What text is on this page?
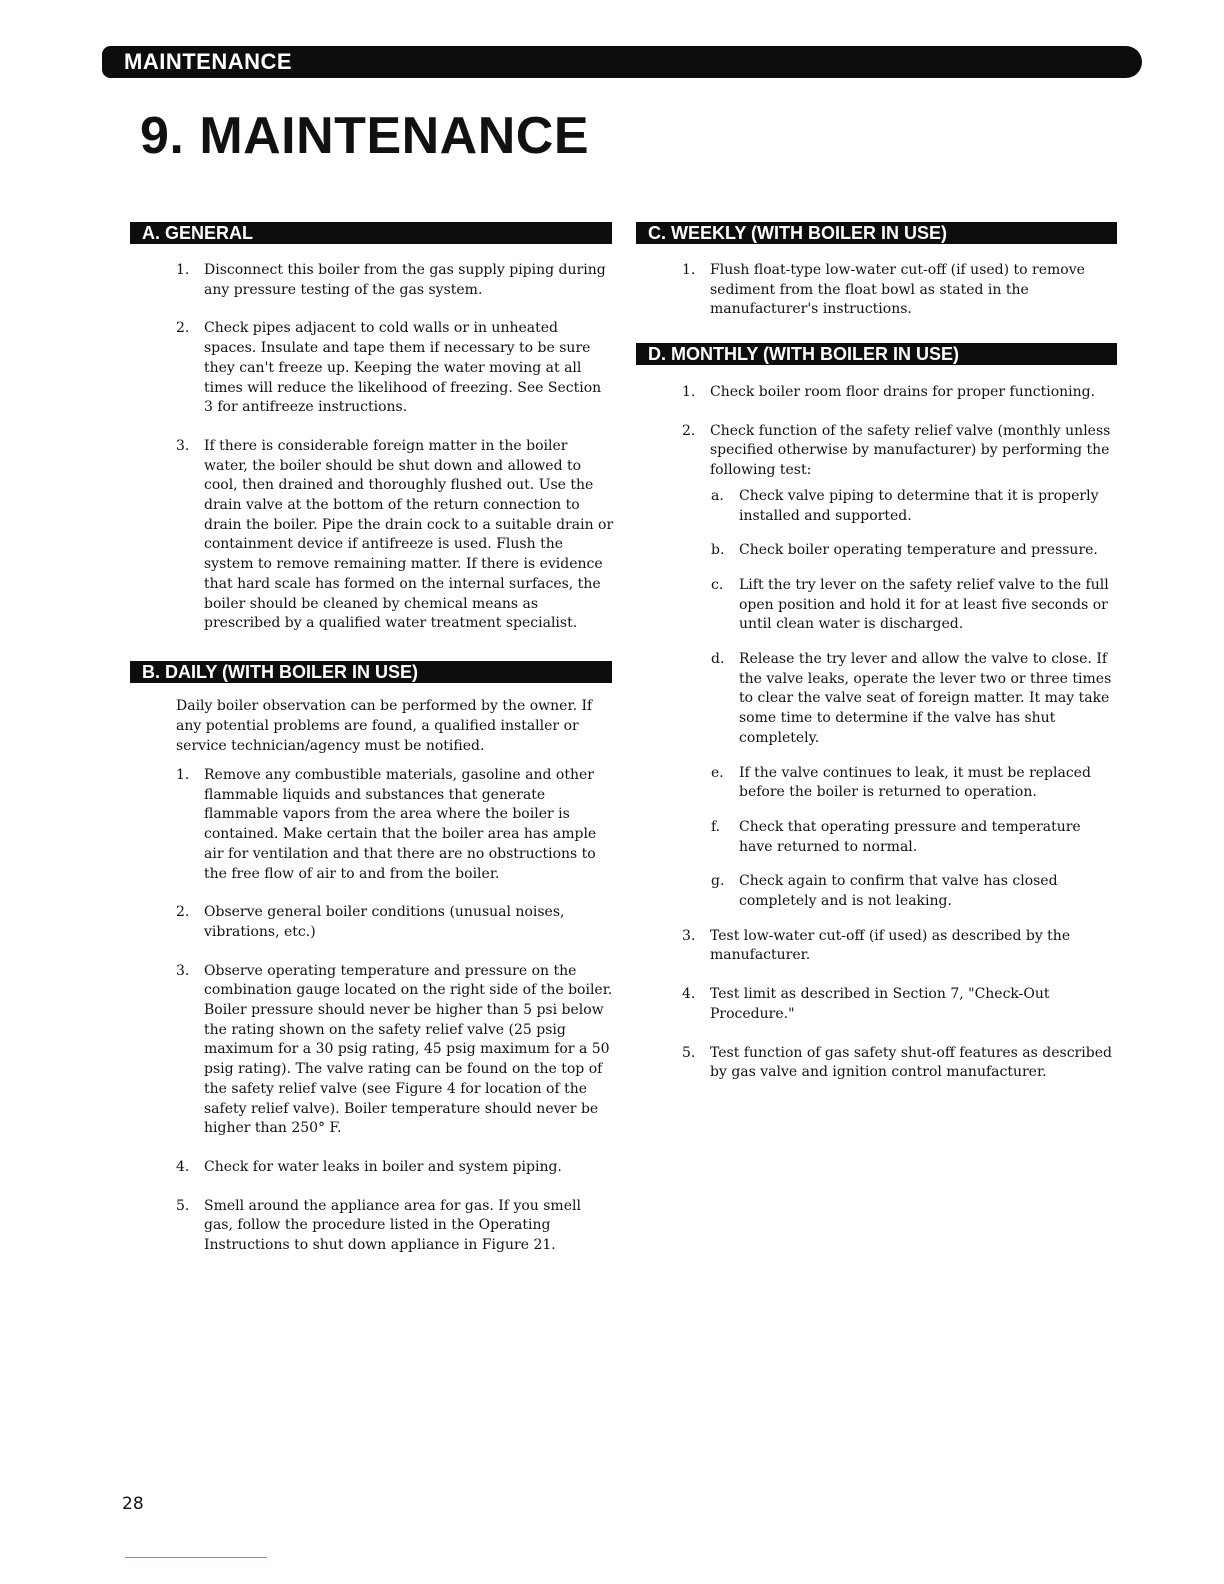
MAINTENANCE
9. MAINTENANCE
A. GENERAL
1. Disconnect this boiler from the gas supply piping during any pressure testing of the gas system.
2. Check pipes adjacent to cold walls or in unheated spaces. Insulate and tape them if necessary to be sure they can't freeze up. Keeping the water moving at all times will reduce the likelihood of freezing. See Section 3 for antifreeze instructions.
3. If there is considerable foreign matter in the boiler water, the boiler should be shut down and allowed to cool, then drained and thoroughly flushed out. Use the drain valve at the bottom of the return connection to drain the boiler. Pipe the drain cock to a suitable drain or containment device if antifreeze is used. Flush the system to remove remaining matter. If there is evidence that hard scale has formed on the internal surfaces, the boiler should be cleaned by chemical means as prescribed by a qualified water treatment specialist.
B. DAILY (WITH BOILER IN USE)

Daily boiler observation can be performed by the owner. If any potential problems are found, a qualified installer or service technician/agency must be notified.

1. Remove any combustible materials, gasoline and other flammable liquids and substances that generate flammable vapors from the area where the boiler is contained. Make certain that the boiler area has ample air for ventilation and that there are no obstructions to the free flow of air to and from the boiler.
2. Observe general boiler conditions (unusual noises, vibrations, etc.)
3. Observe operating temperature and pressure on the combination gauge located on the right side of the boiler. Boiler pressure should never be higher than 5 psi below the rating shown on the safety relief valve (25 psig maximum for a 30 psig rating, 45 psig maximum for a 50 psig rating). The valve rating can be found on the top of the safety relief valve (see Figure 4 for location of the safety relief valve). Boiler temperature should never be higher than 250° F.
4. Check for water leaks in boiler and system piping.
5. Smell around the appliance area for gas. If you smell gas, follow the procedure listed in the Operating Instructions to shut down appliance in Figure 21.
C. WEEKLY (WITH BOILER IN USE)
1. Flush float-type low-water cut-off (if used) to remove sediment from the float bowl as stated in the manufacturer's instructions.
D. MONTHLY (WITH BOILER IN USE)
1. Check boiler room floor drains for proper functioning.
2. Check function of the safety relief valve (monthly unless specified otherwise by manufacturer) by performing the following test:
a. Check valve piping to determine that it is properly installed and supported.
b. Check boiler operating temperature and pressure.
c. Lift the try lever on the safety relief valve to the full open position and hold it for at least five seconds or until clean water is discharged.
d. Release the try lever and allow the valve to close. If the valve leaks, operate the lever two or three times to clear the valve seat of foreign matter. It may take some time to determine if the valve has shut completely.
e. If the valve continues to leak, it must be replaced before the boiler is returned to operation.
f. Check that operating pressure and temperature have returned to normal.
g. Check again to confirm that valve has closed completely and is not leaking.
3. Test low-water cut-off (if used) as described by the manufacturer.
4. Test limit as described in Section 7, "Check-Out Procedure."
5. Test function of gas safety shut-off features as described by gas valve and ignition control manufacturer.
28
